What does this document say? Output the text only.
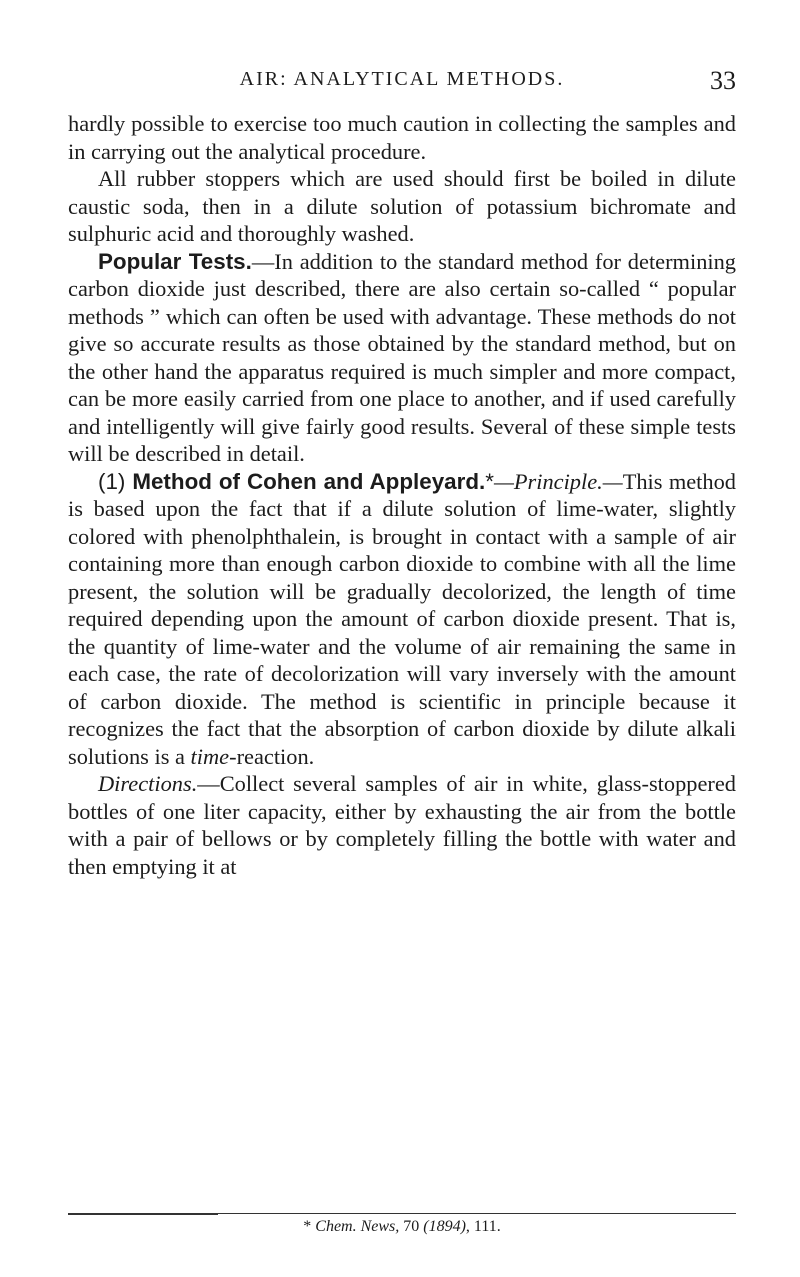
AIR: ANALYTICAL METHODS.	33

hardly possible to exercise too much caution in collecting the samples and in carrying out the analytical procedure.

All rubber stoppers which are used should first be boiled in dilute caustic soda, then in a dilute solution of potassium bichromate and sulphuric acid and thoroughly washed.

Popular Tests.—In addition to the standard method for determining carbon dioxide just described, there are also certain so-called “ popular methods ” which can often be used with advantage. These methods do not give so accurate results as those obtained by the standard method, but on the other hand the apparatus required is much simpler and more compact, can be more easily carried from one place to another, and if used carefully and intelligently will give fairly good results. Several of these simple tests will be described in detail.

(1) Method of Cohen and Appleyard.*—Principle.—This method is based upon the fact that if a dilute solution of lime-water, slightly colored with phenolphthalein, is brought in contact with a sample of air containing more than enough carbon dioxide to combine with all the lime present, the solution will be gradually decolorized, the length of time required depending upon the amount of carbon dioxide present. That is, the quantity of lime-water and the volume of air remaining the same in each case, the rate of decolorization will vary inversely with the amount of carbon dioxide. The method is scientific in principle because it recognizes the fact that the absorption of carbon dioxide by dilute alkali solutions is a time-reaction.

Directions.—Collect several samples of air in white, glass-stoppered bottles of one liter capacity, either by exhausting the air from the bottle with a pair of bellows or by completely filling the bottle with water and then emptying it at

* Chem. News, 70 (1894), 111.
